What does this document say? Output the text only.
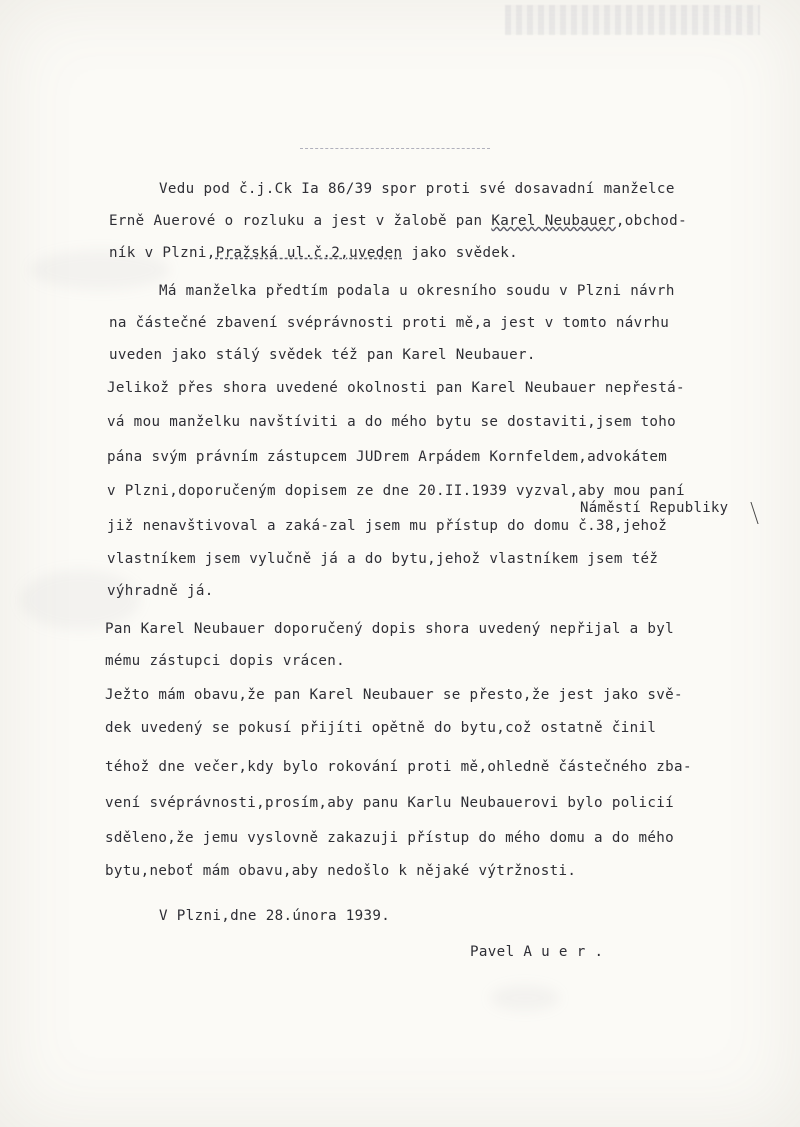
Vedu pod č.j.Ck Ia 86/39 spor proti své dosavadní manželce
Erně Auerové o rozluku a jest v žalobě pan Karel Neubauer,obchod-
ník v Plzni,Pražská ul.č.2,uveden jako svědek.
Má manželka předtím podala u okresního soudu v Plzni návrh
na částečné zbavení svéprávnosti proti mě,a jest v tomto návrhu
uveden jako stálý svědek též pan Karel Neubauer.
Jelikož přes shora uvedené okolnosti pan Karel Neubauer nepřestá-
vá mou manželku navštíviti a do mého bytu se dostaviti,jsem toho
pána svým právním zástupcem JUDrem Arpádem Kornfeldem,advokátem
v Plzni,doporučeným dopisem ze dne 20.II.1939 vyzval,aby mou paní
Náměstí Republiky
již nenavštivoval a zaká-zal jsem mu přístup do domu č.38,jehož
vlastníkem jsem vylučně já a do bytu,jehož vlastníkem jsem též
výhradně já.
Pan Karel Neubauer doporučený dopis shora uvedený nepřijal a byl
mému zástupci dopis vrácen.
Ježto mám obavu,že pan Karel Neubauer se přesto,že jest jako svě-
dek uvedený se pokusí přijíti opětně do bytu,což ostatně činil
téhož dne večer,kdy bylo rokování proti mě,ohledně částečného zba-
vení svéprávnosti,prosím,aby panu Karlu Neubauerovi bylo policií
sděleno,že jemu vyslovně zakazuji přístup do mého domu a do mého
bytu,neboť mám obavu,aby nedošlo k nějaké výtržnosti.
V Plzni,dne 28.února 1939.
Pavel A u e r .
